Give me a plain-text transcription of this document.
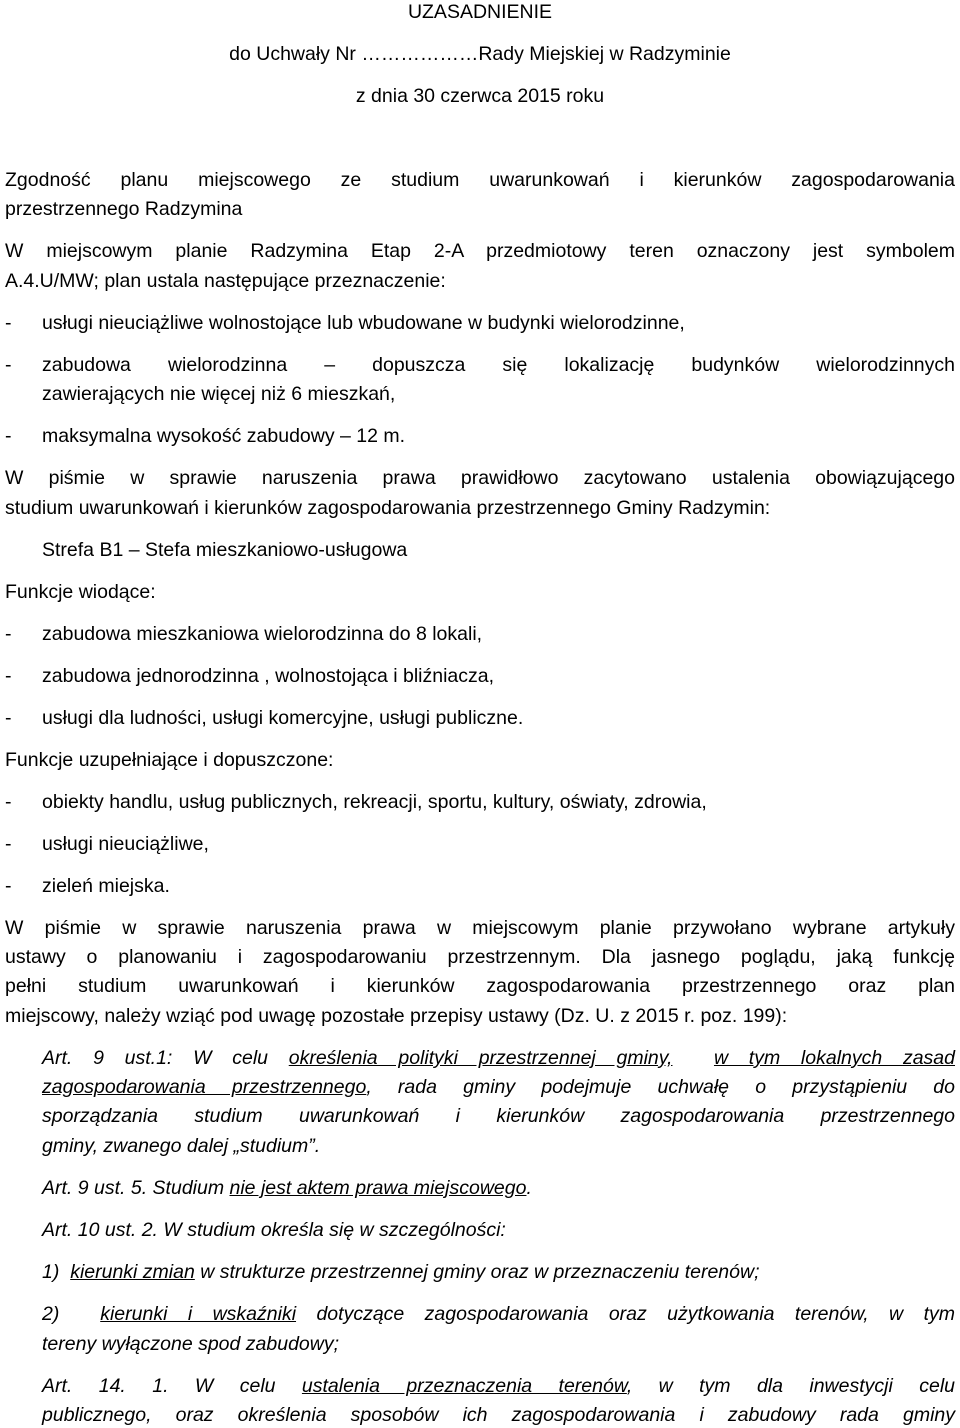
UZASADNIENIE
do Uchwały Nr ………………Rady Miejskiej w Radzyminie
z dnia 30 czerwca 2015 roku
Zgodność planu miejscowego ze studium uwarunkowań i kierunków zagospodarowania
przestrzennego Radzymina
W miejscowym planie Radzymina Etap 2-A przedmiotowy teren oznaczony jest symbolem
A.4.U/MW; plan ustala następujące przeznaczenie:
- usługi nieuciążliwe wolnostojące lub wbudowane w budynki wielorodzinne,
- zabudowa wielorodzinna – dopuszcza się lokalizację budynków wielorodzinnych
zawierających nie więcej niż 6 mieszkań,
- maksymalna wysokość zabudowy – 12 m.
W piśmie w sprawie naruszenia prawa prawidłowo zacytowano ustalenia obowiązującego
studium uwarunkowań i kierunków zagospodarowania przestrzennego Gminy Radzymin:
Strefa B1 – Stefa mieszkaniowo-usługowa
Funkcje wiodące:
- zabudowa mieszkaniowa wielorodzinna do 8 lokali,
- zabudowa jednorodzinna , wolnostojąca i bliźniacza,
- usługi dla ludności, usługi komercyjne, usługi publiczne.
Funkcje uzupełniające i dopuszczone:
- obiekty handlu, usług publicznych, rekreacji, sportu, kultury, oświaty, zdrowia,
- usługi nieuciążliwe,
- zieleń miejska.
W piśmie w sprawie naruszenia prawa w miejscowym planie przywołano wybrane artykuły
ustawy o planowaniu i zagospodarowaniu przestrzennym. Dla jasnego poglądu, jaką funkcję
pełni studium uwarunkowań i kierunków zagospodarowania przestrzennego oraz plan
miejscowy, należy wziąć pod uwagę pozostałe przepisy ustawy (Dz. U. z 2015 r. poz. 199):
Art. 9 ust.1: W celu określenia polityki przestrzennej gminy, w tym lokalnych zasad
zagospodarowania przestrzennego, rada gminy podejmuje uchwałę o przystąpieniu do
sporządzania studium uwarunkowań i kierunków zagospodarowania przestrzennego
gminy, zwanego dalej „studium”.
Art. 9 ust. 5. Studium nie jest aktem prawa miejscowego.
Art. 10 ust. 2. W studium określa się w szczególności:
1)  kierunki zmian w strukturze przestrzennej gminy oraz w przeznaczeniu terenów;
2)  kierunki i wskaźniki dotyczące zagospodarowania oraz użytkowania terenów, w tym
tereny wyłączone spod zabudowy;
Art. 14. 1. W celu ustalenia przeznaczenia terenów, w tym dla inwestycji celu
publicznego, oraz określenia sposobów ich zagospodarowania i zabudowy rada gminy
